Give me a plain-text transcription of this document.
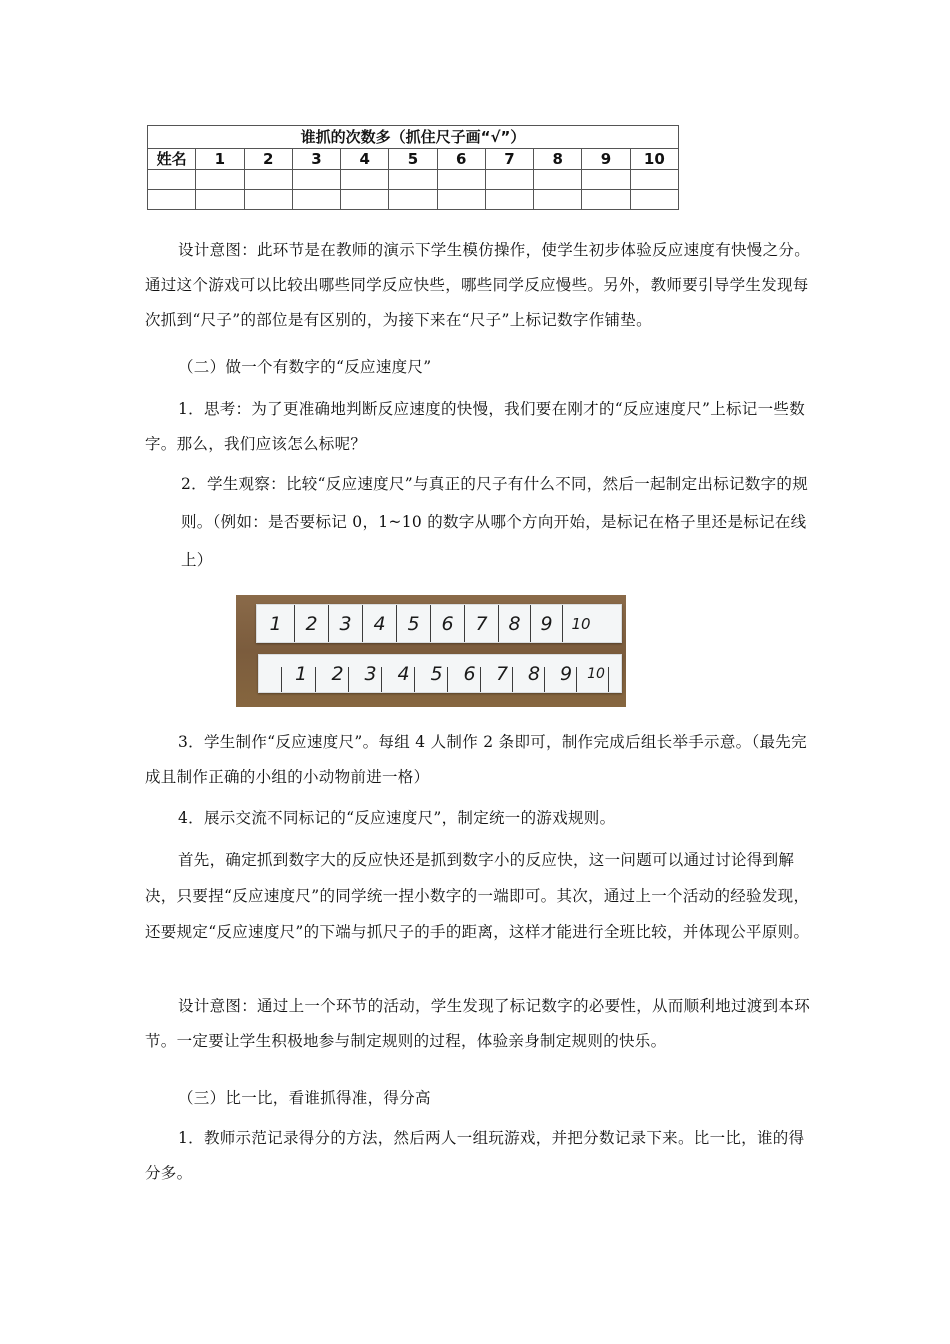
谁抓的次数多（抓住尺子画“√”）										
姓名	1	2	3	4	5	6	7	8	9	10

设计意图：此环节是在教师的演示下学生模仿操作，使学生初步体验反应速度有快慢之分。通过这个游戏可以比较出哪些同学反应快些，哪些同学反应慢些。另外，教师要引导学生发现每次抓到“尺子”的部位是有区别的，为接下来在“尺子”上标记数字作铺垫。

（二）做一个有数字的“反应速度尺”

1．思考：为了更准确地判断反应速度的快慢，我们要在刚才的“反应速度尺”上标记一些数字。那么，我们应该怎么标呢？

2．学生观察：比较“反应速度尺”与真正的尺子有什么不同，然后一起制定出标记数字的规则。（例如：是否要标记 0，1~10 的数字从哪个方向开始，是标记在格子里还是标记在线上）

1	2	3	4	5	6	7	8	9	10
1	2	3	4	5	6	7	8	9	10

3．学生制作“反应速度尺”。每组 4 人制作 2 条即可，制作完成后组长举手示意。（最先完成且制作正确的小组的小动物前进一格）

4．展示交流不同标记的“反应速度尺”，制定统一的游戏规则。

首先，确定抓到数字大的反应快还是抓到数字小的反应快，这一问题可以通过讨论得到解决，只要捏“反应速度尺”的同学统一捏小数字的一端即可。其次，通过上一个活动的经验发现，还要规定“反应速度尺”的下端与抓尺子的手的距离，这样才能进行全班比较，并体现公平原则。

设计意图：通过上一个环节的活动，学生发现了标记数字的必要性，从而顺利地过渡到本环节。一定要让学生积极地参与制定规则的过程，体验亲身制定规则的快乐。

（三）比一比，看谁抓得准，得分高

1．教师示范记录得分的方法，然后两人一组玩游戏，并把分数记录下来。比一比，谁的得分多。
